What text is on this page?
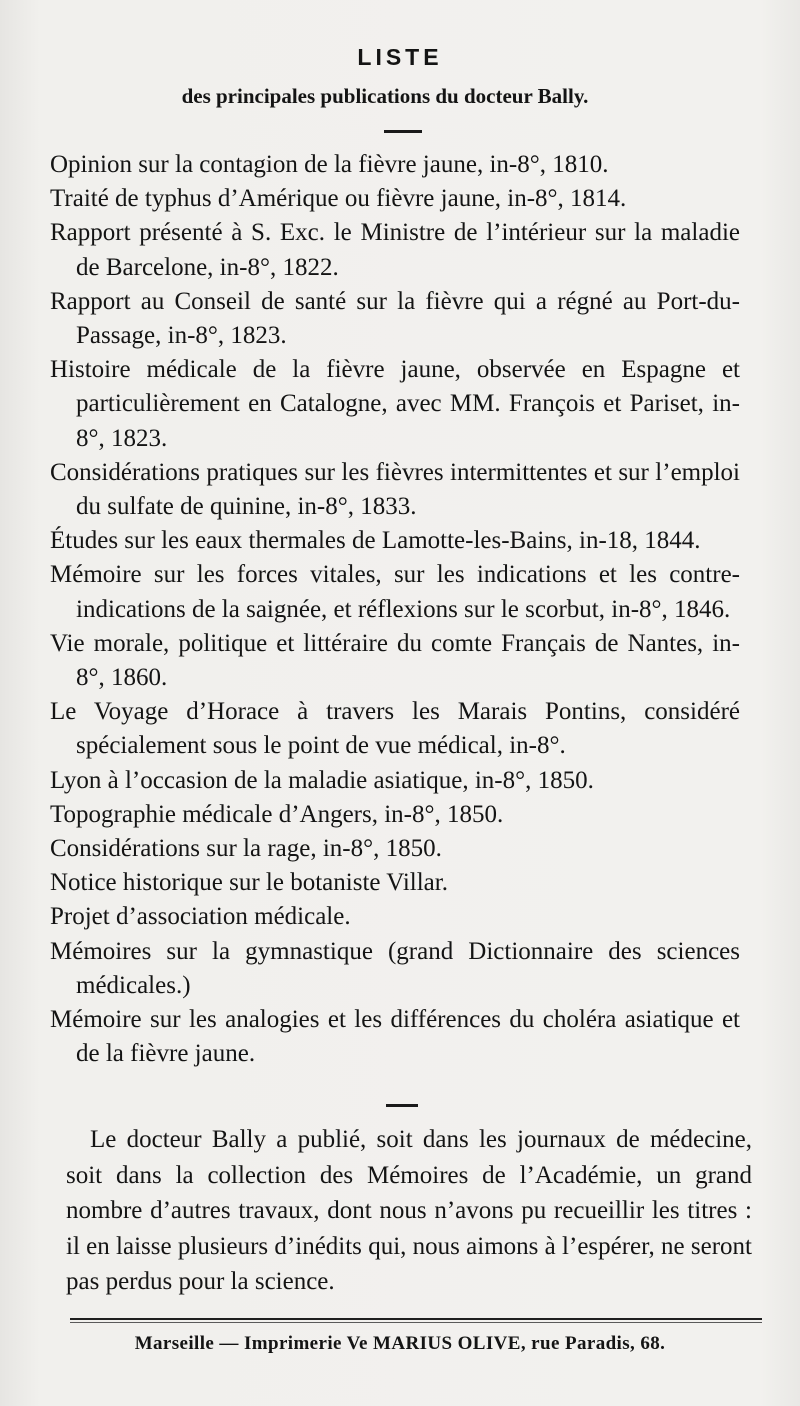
LISTE
des principales publications du docteur Bally.
Opinion sur la contagion de la fièvre jaune, in-8°, 1810.
Traité de typhus d’Amérique ou fièvre jaune, in-8°, 1814.
Rapport présenté à S. Exc. le Ministre de l’intérieur sur la maladie de Barcelone, in-8°, 1822.
Rapport au Conseil de santé sur la fièvre qui a régné au Port-du-Passage, in-8°, 1823.
Histoire médicale de la fièvre jaune, observée en Espagne et particulièrement en Catalogne, avec MM. François et Pariset, in-8°, 1823.
Considérations pratiques sur les fièvres intermittentes et sur l’emploi du sulfate de quinine, in-8°, 1833.
Études sur les eaux thermales de Lamotte-les-Bains, in-18, 1844.
Mémoire sur les forces vitales, sur les indications et les contre-indications de la saignée, et réflexions sur le scorbut, in-8°, 1846.
Vie morale, politique et littéraire du comte Français de Nantes, in-8°, 1860.
Le Voyage d’Horace à travers les Marais Pontins, considéré spécialement sous le point de vue médical, in-8°.
Lyon à l’occasion de la maladie asiatique, in-8°, 1850.
Topographie médicale d’Angers, in-8°, 1850.
Considérations sur la rage, in-8°, 1850.
Notice historique sur le botaniste Villar.
Projet d’association médicale.
Mémoires sur la gymnastique (grand Dictionnaire des sciences médicales.)
Mémoire sur les analogies et les différences du choléra asiatique et de la fièvre jaune.
Le docteur Bally a publié, soit dans les journaux de médecine, soit dans la collection des Mémoires de l’Académie, un grand nombre d’autres travaux, dont nous n’avons pu recueillir les titres : il en laisse plusieurs d’inédits qui, nous aimons à l’espérer, ne seront pas perdus pour la science.
Marseille — Imprimerie Ve MARIUS OLIVE, rue Paradis, 68.
